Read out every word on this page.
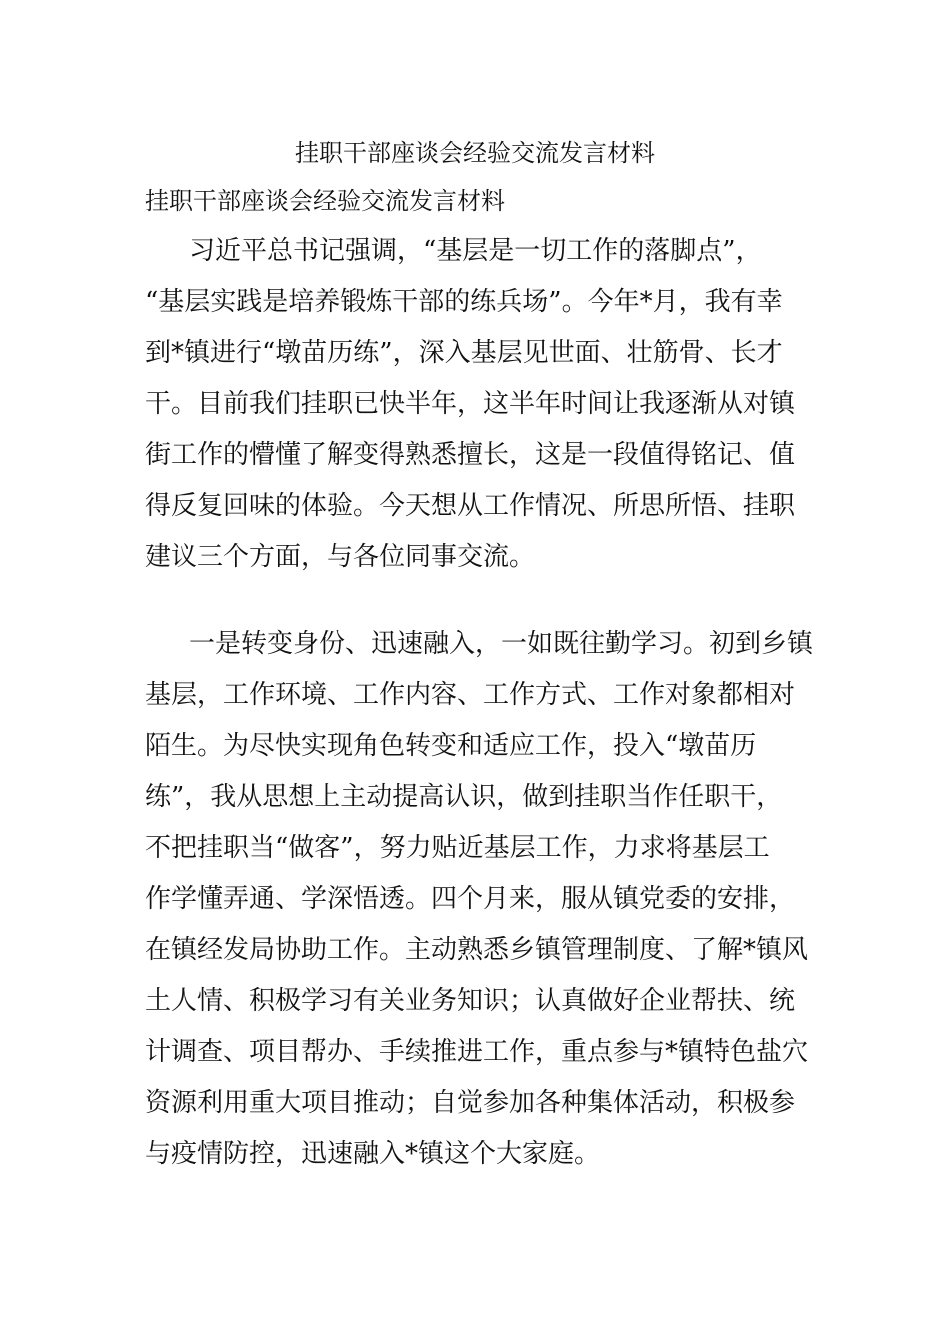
挂职干部座谈会经验交流发言材料
挂职干部座谈会经验交流发言材料
习近平总书记强调，“基层是一切工作的落脚点”，
“基层实践是培养锻炼干部的练兵场”。今年*月，我有幸
到*镇进行“墩苗历练”，深入基层见世面、壮筋骨、长才
干。目前我们挂职已快半年，这半年时间让我逐渐从对镇
街工作的懵懂了解变得熟悉擅长，这是一段值得铭记、值
得反复回味的体验。今天想从工作情况、所思所悟、挂职
建议三个方面，与各位同事交流。
一是转变身份、迅速融入，一如既往勤学习。初到乡镇
基层，工作环境、工作内容、工作方式、工作对象都相对
陌生。为尽快实现角色转变和适应工作，投入“墩苗历
练”，我从思想上主动提高认识，做到挂职当作任职干，
不把挂职当“做客”，努力贴近基层工作，力求将基层工
作学懂弄通、学深悟透。四个月来，服从镇党委的安排，
在镇经发局协助工作。主动熟悉乡镇管理制度、了解*镇风
土人情、积极学习有关业务知识；认真做好企业帮扶、统
计调查、项目帮办、手续推进工作，重点参与*镇特色盐穴
资源利用重大项目推动；自觉参加各种集体活动，积极参
与疫情防控，迅速融入*镇这个大家庭。
